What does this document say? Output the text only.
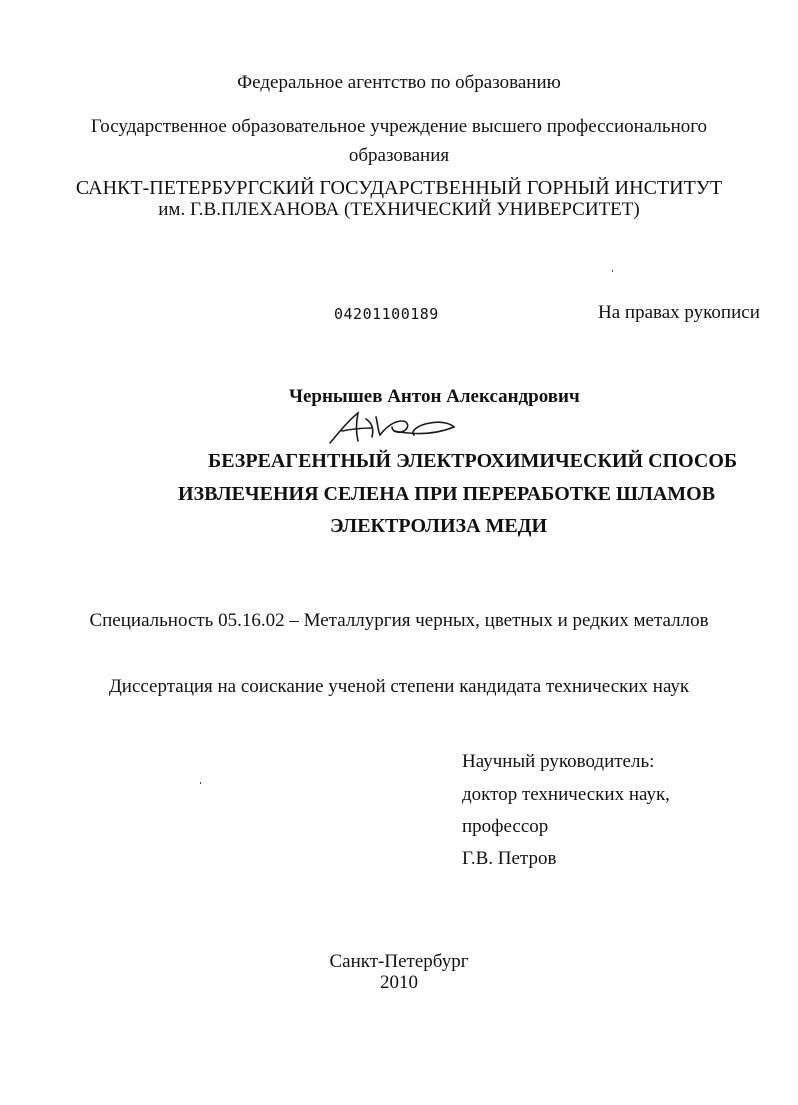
Федеральное агентство по образованию
Государственное образовательное учреждение высшего профессионального
образования
САНКТ-ПЕТЕРБУРГСКИЙ ГОСУДАРСТВЕННЫЙ ГОРНЫЙ ИНСТИТУТ
им. Г.В.ПЛЕХАНОВА (ТЕХНИЧЕСКИЙ УНИВЕРСИТЕТ)
04201100189	На правах рукописи
Чернышев Антон Александрович
БЕЗРЕАГЕНТНЫЙ ЭЛЕКТРОХИМИЧЕСКИЙ СПОСОБ
ИЗВЛЕЧЕНИЯ СЕЛЕНА ПРИ ПЕРЕРАБОТКЕ ШЛАМОВ
ЭЛЕКТРОЛИЗА МЕДИ
Специальность 05.16.02 – Металлургия черных, цветных и редких металлов
Диссертация на соискание ученой степени кандидата технических наук
Научный руководитель:
доктор технических наук,
профессор
Г.В. Петров
Санкт-Петербург
2010
